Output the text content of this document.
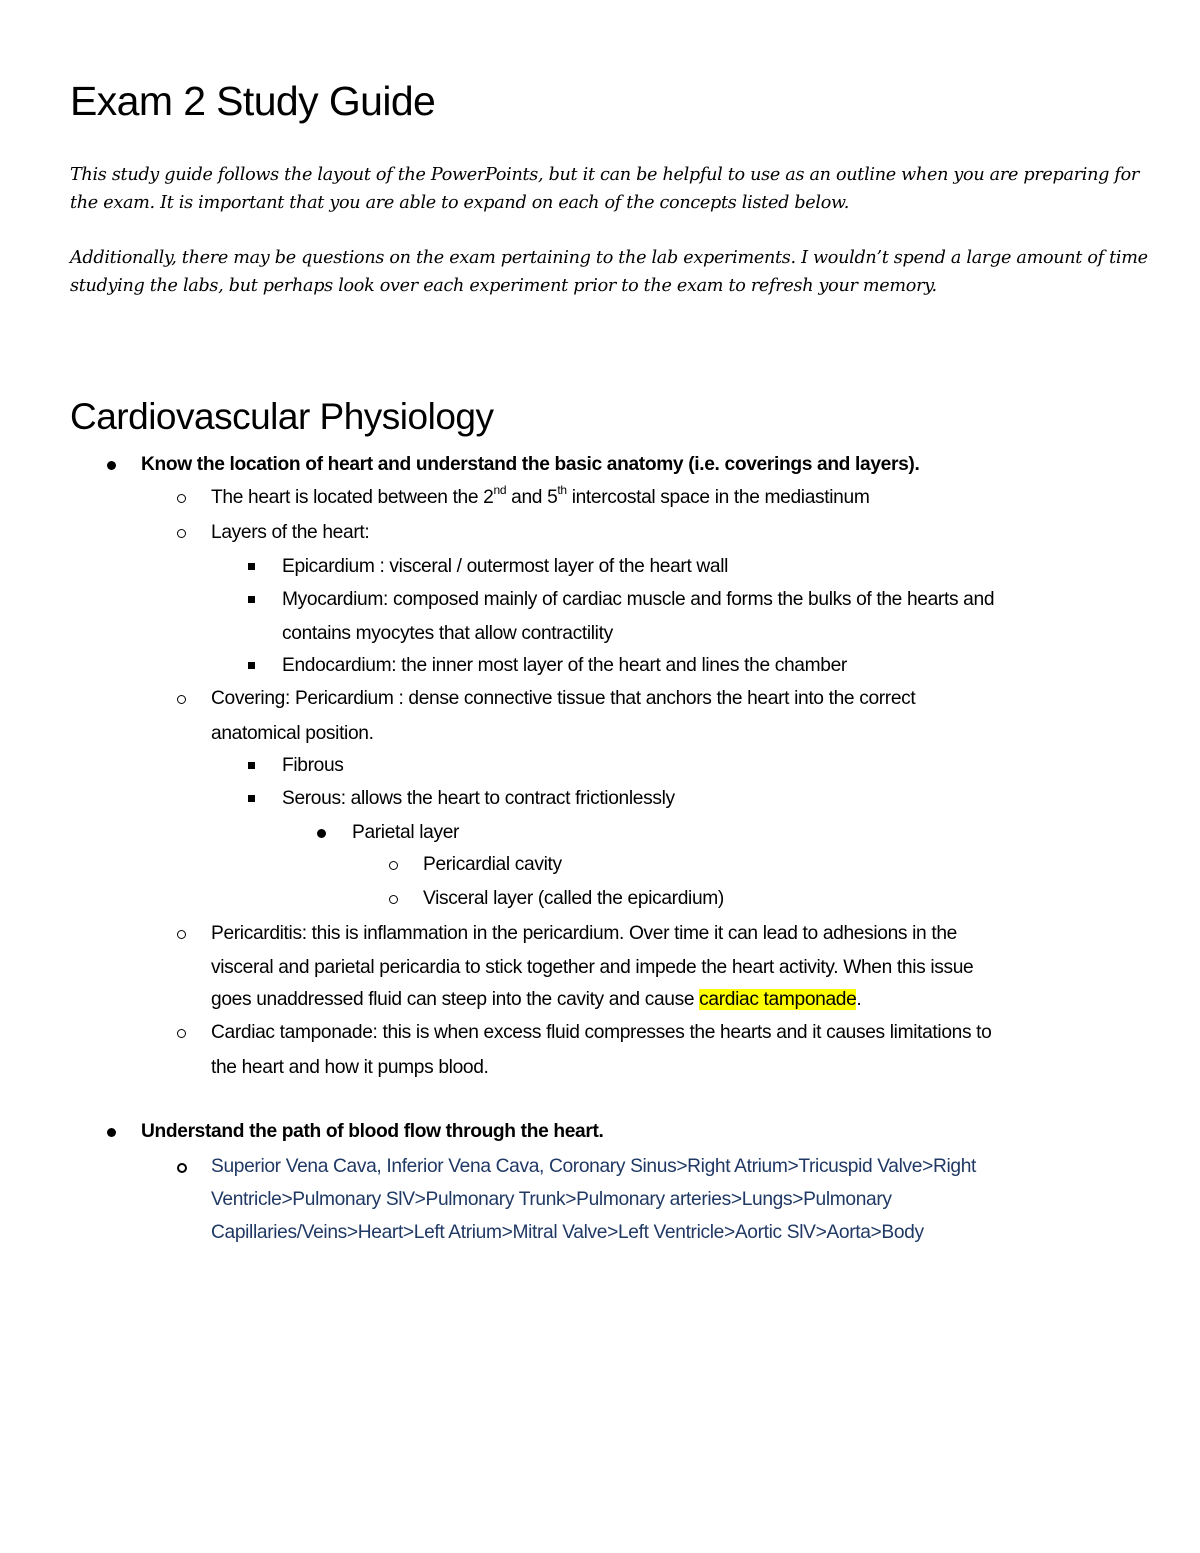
Exam 2 Study Guide
This study guide follows the layout of the PowerPoints, but it can be helpful to use as an outline when you are preparing for the exam. It is important that you are able to expand on each of the concepts listed below.
Additionally, there may be questions on the exam pertaining to the lab experiments. I wouldn’t spend a large amount of time studying the labs, but perhaps look over each experiment prior to the exam to refresh your memory.
Cardiovascular Physiology
Know the location of heart and understand the basic anatomy (i.e. coverings and layers).
The heart is located between the 2nd and 5th intercostal space in the mediastinum
Layers of the heart:
Epicardium : visceral / outermost layer of the heart wall
Myocardium: composed mainly of cardiac muscle and forms the bulks of the hearts and
contains myocytes that allow contractility
Endocardium: the inner most layer of the heart and lines the chamber
Covering: Pericardium : dense connective tissue that anchors the heart into the correct
anatomical position.
Fibrous
Serous: allows the heart to contract frictionlessly
Parietal layer
Pericardial cavity
Visceral layer (called the epicardium)
Pericarditis: this is inflammation in the pericardium. Over time it can lead to adhesions in the
visceral and parietal pericardia to stick together and impede the heart activity. When this issue
goes unaddressed fluid can steep into the cavity and cause cardiac tamponade.
Cardiac tamponade: this is when excess fluid compresses the hearts and it causes limitations to
the heart and how it pumps blood.
Understand the path of blood flow through the heart.
Superior Vena Cava, Inferior Vena Cava, Coronary Sinus>Right Atrium>Tricuspid Valve>Right
Ventricle>Pulmonary SlV>Pulmonary Trunk>Pulmonary arteries>Lungs>Pulmonary
Capillaries/Veins>Heart>Left Atrium>Mitral Valve>Left Ventricle>Aortic SlV>Aorta>Body
